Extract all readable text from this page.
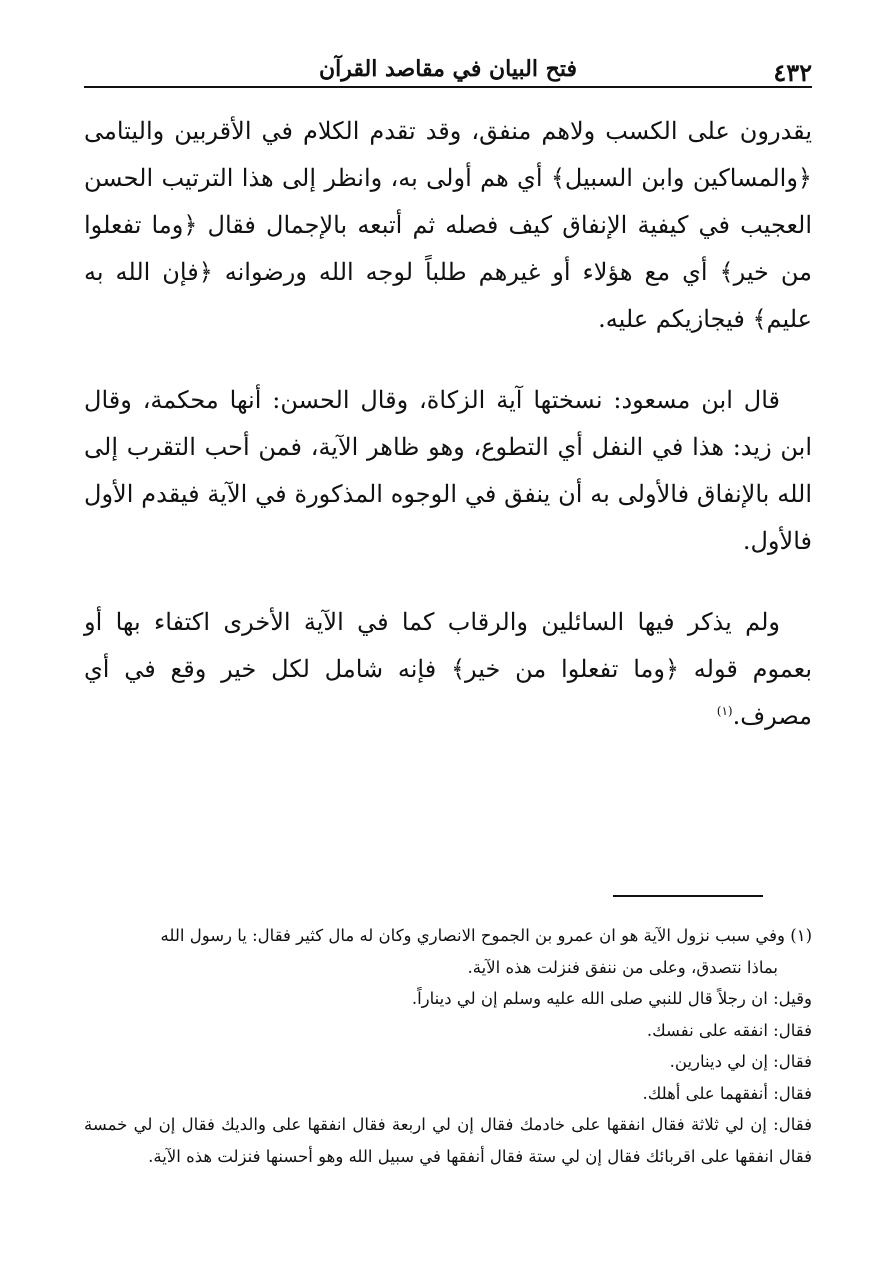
٤٣٢
فتح البيان في مقاصد القرآن

يقدرون على الكسب ولاهم منفق، وقد تقدم الكلام في الأقربين واليتامى ﴿والمساكين وابن السبيل﴾ أي هم أولى به، وانظر إلى هذا الترتيب الحسن العجيب في كيفية الإنفاق كيف فصله ثم أتبعه بالإجمال فقال ﴿وما تفعلوا من خير﴾ أي مع هؤلاء أو غيرهم طلباً لوجه الله ورضوانه ﴿فإن الله به عليم﴾ فيجازيكم عليه.

قال ابن مسعود: نسختها آية الزكاة، وقال الحسن: أنها محكمة، وقال ابن زيد: هذا في النفل أي التطوع، وهو ظاهر الآية، فمن أحب التقرب إلى الله بالإنفاق فالأولى به أن ينفق في الوجوه المذكورة في الآية فيقدم الأول فالأول.

ولم يذكر فيها السائلين والرقاب كما في الآية الأخرى اكتفاء بها أو بعموم قوله ﴿وما تفعلوا من خير﴾ فإنه شامل لكل خير وقع في أي مصرف.$^{(١)}$

(١) وفي سبب نزول الآية هو ان عمرو بن الجموح الانصاري وكان له مال كثير فقال: يا رسول الله

بماذا نتصدق، وعلى من ننفق فنزلت هذه الآية.

وقيل: ان رجلاً قال للنبي صلى الله عليه وسلم إن لي ديناراً.

فقال: انفقه على نفسك.

فقال: إن لي دينارين.

فقال: أنفقهما على أهلك.

فقال: إن لي ثلاثة فقال انفقها على خادمك فقال إن لي اربعة فقال انفقها على والديك فقال إن لي خمسة فقال انفقها على اقربائك فقال إن لي ستة فقال أنفقها في سبيل الله وهو أحسنها فنزلت هذه الآية.
